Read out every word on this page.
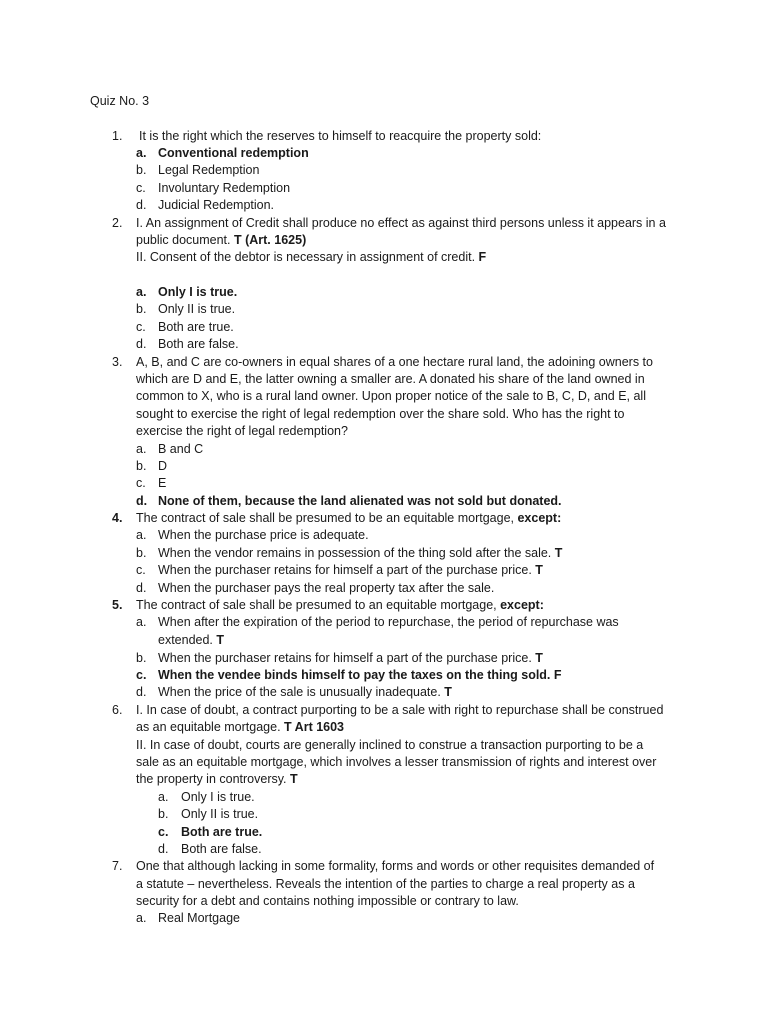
Quiz No. 3
1.	It is the right which the reserves to himself to reacquire the property sold:
a. Conventional redemption
b. Legal Redemption
c. Involuntary Redemption
d. Judicial Redemption.
2.	I. An assignment of Credit shall produce no effect as against third persons unless it appears in a
public document. T (Art. 1625)
II. Consent of the debtor is necessary in assignment of credit. F
a. Only I is true.
b. Only II is true.
c. Both are true.
d. Both are false.
3.	A, B, and C are co-owners in equal shares of a one hectare rural land, the adoining owners to
which are D and E, the latter owning a smaller are. A donated his share of the land owned in
common to X, who is a rural land owner. Upon proper notice of the sale to B, C, D, and E, all
sought to exercise the right of legal redemption over the share sold. Who has the right to
exercise the right of legal redemption?
a. B and C
b. D
c. E
d. None of them, because the land alienated was not sold but donated.
4.	The contract of sale shall be presumed to be an equitable mortgage, except:
a. When the purchase price is adequate.
b. When the vendor remains in possession of the thing sold after the sale. T
c. When the purchaser retains for himself a part of the purchase price. T
d. When the purchaser pays the real property tax after the sale.
5.	The contract of sale shall be presumed to an equitable mortgage, except:
a. When after the expiration of the period to repurchase, the period of repurchase was
extended. T
b. When the purchaser retains for himself a part of the purchase price. T
c. When the vendee binds himself to pay the taxes on the thing sold. F
d. When the price of the sale is unusually inadequate. T
6.	I. In case of doubt, a contract purporting to be a sale with right to repurchase shall be construed
as an equitable mortgage. T Art 1603
II. In case of doubt, courts are generally inclined to construe a transaction purporting to be a
sale as an equitable mortgage, which involves a lesser transmission of rights and interest over
the property in controversy. T
a.	Only I is true.
b.	Only II is true.
c.	Both are true.
d.	Both are false.
7.	One that although lacking in some formality, forms and words or other requisites demanded of
a statute – nevertheless. Reveals the intention of the parties to charge a real property as a
security for a debt and contains nothing impossible or contrary to law.
a. Real Mortgage
